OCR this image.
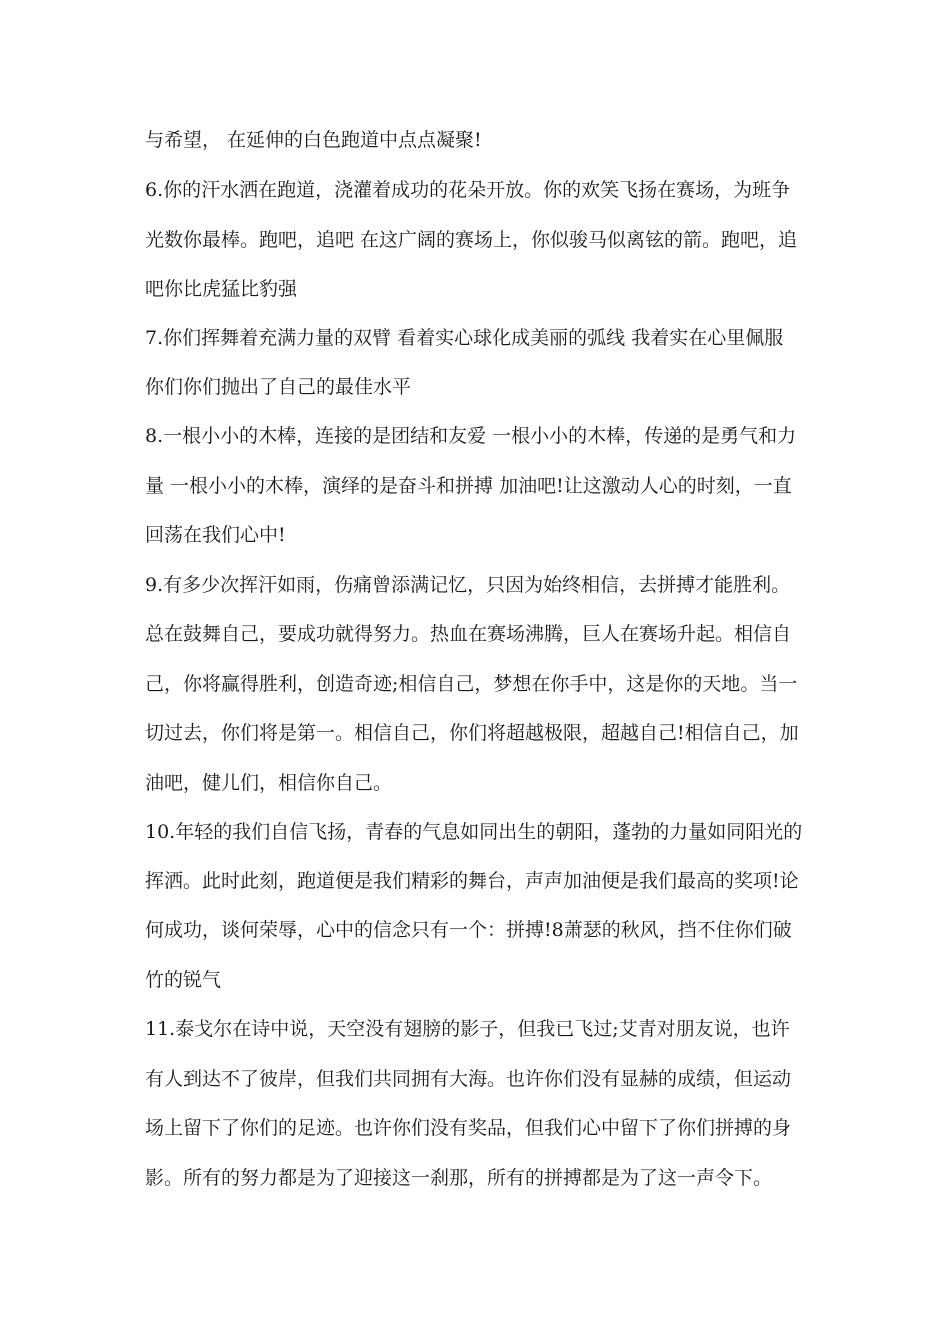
与希望， 在延伸的白色跑道中点点凝聚!
6.你的汗水洒在跑道，浇灌着成功的花朵开放。你的欢笑飞扬在赛场，为班争
光数你最棒。跑吧，追吧 在这广阔的赛场上，你似骏马似离铉的箭。跑吧，追
吧你比虎猛比豹强
7.你们挥舞着充满力量的双臂 看着实心球化成美丽的弧线 我着实在心里佩服
你们你们抛出了自己的最佳水平
8.一根小小的木棒，连接的是团结和友爱 一根小小的木棒，传递的是勇气和力
量 一根小小的木棒，演绎的是奋斗和拼搏 加油吧!让这激动人心的时刻，一直
回荡在我们心中!
9.有多少次挥汗如雨，伤痛曾添满记忆，只因为始终相信，去拼搏才能胜利。
总在鼓舞自己，要成功就得努力。热血在赛场沸腾，巨人在赛场升起。相信自
己，你将赢得胜利，创造奇迹;相信自己，梦想在你手中，这是你的天地。当一
切过去，你们将是第一。相信自己，你们将超越极限，超越自己!相信自己，加
油吧，健儿们，相信你自己。
10.年轻的我们自信飞扬，青春的气息如同出生的朝阳，蓬勃的力量如同阳光的
挥洒。此时此刻，跑道便是我们精彩的舞台，声声加油便是我们最高的奖项!论
何成功，谈何荣辱，心中的信念只有一个：拼搏!8萧瑟的秋风，挡不住你们破
竹的锐气
11.泰戈尔在诗中说，天空没有翅膀的影子，但我已飞过;艾青对朋友说，也许
有人到达不了彼岸，但我们共同拥有大海。也许你们没有显赫的成绩，但运动
场上留下了你们的足迹。也许你们没有奖品，但我们心中留下了你们拼搏的身
影。所有的努力都是为了迎接这一刹那，所有的拼搏都是为了这一声令下。
